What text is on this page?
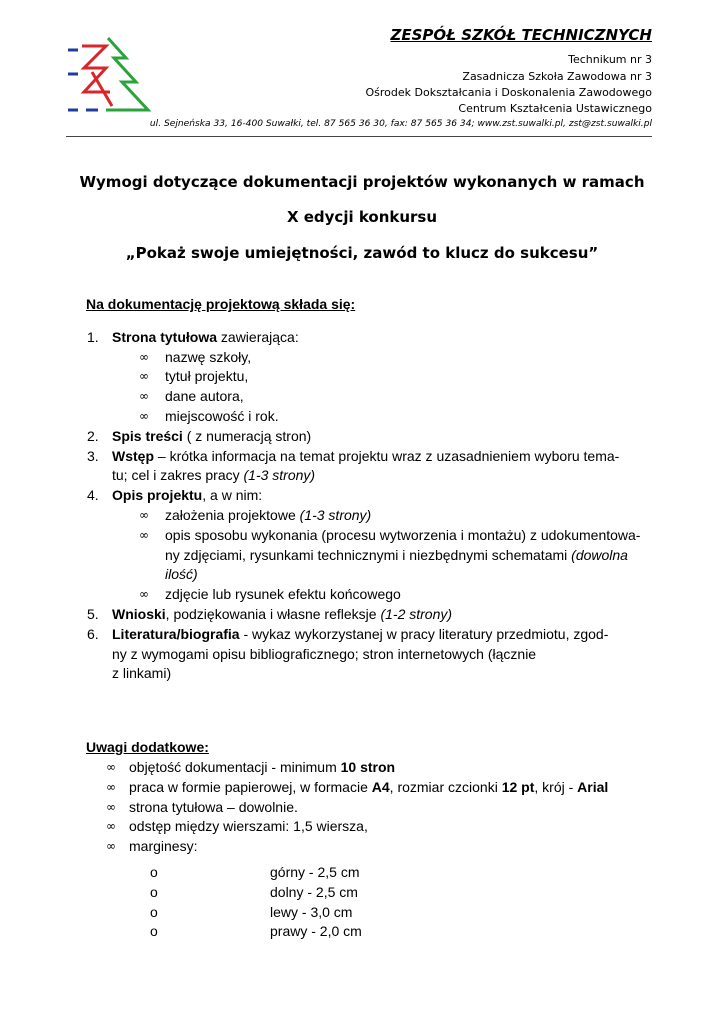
ZESPÓŁ SZKÓŁ TECHNICZNYCH

Technikum nr 3

Zasadnicza Szkoła Zawodowa nr 3

Ośrodek Dokształcania i Doskonalenia Zawodowego

Centrum Kształcenia Ustawicznego

ul. Sejneńska 33, 16-400 Suwałki, tel. 87 565 36 30, fax: 87 565 36 34; www.zst.suwalki.pl, zst@zst.suwalki.pl

Wymogi dotyczące dokumentacji projektów wykonanych w ramach
X edycji konkursu
„Pokaż swoje umiejętności, zawód to klucz do sukcesu”

Na dokumentację projektową składa się:

1. Strona tytułowa zawierająca:
∞ nazwę szkoły,
∞ tytuł projektu,
∞ dane autora,
∞ miejscowość i rok.
2. Spis treści ( z numeracją stron)
3. Wstęp – krótka informacja na temat projektu wraz z uzasadnieniem wyboru tema-
tu; cel i zakres pracy (1-3 strony)
4. Opis projektu, a w nim:
∞ założenia projektowe (1-3 strony)
∞ opis sposobu wykonania (procesu wytworzenia i montażu) z udokumentowa-
ny zdjęciami, rysunkami technicznymi i niezbędnymi schematami (dowolna
ilość)
∞ zdjęcie lub rysunek efektu końcowego
5. Wnioski, podziękowania i własne refleksje (1-2 strony)
6. Literatura/biografia - wykaz wykorzystanej w pracy literatury przedmiotu, zgod-
ny z wymogami opisu bibliograficznego; stron internetowych (łącznie
z linkami)

Uwagi dodatkowe:

∞ objętość dokumentacji - minimum 10 stron
∞ praca w formie papierowej, w formacie A4, rozmiar czcionki 12 pt, krój - Arial
∞ strona tytułowa – dowolnie.
∞ odstęp między wierszami: 1,5 wiersza,
∞ marginesy:
o	górny - 2,5 cm
o	dolny - 2,5 cm
o	lewy - 3,0 cm
o	prawy - 2,0 cm
